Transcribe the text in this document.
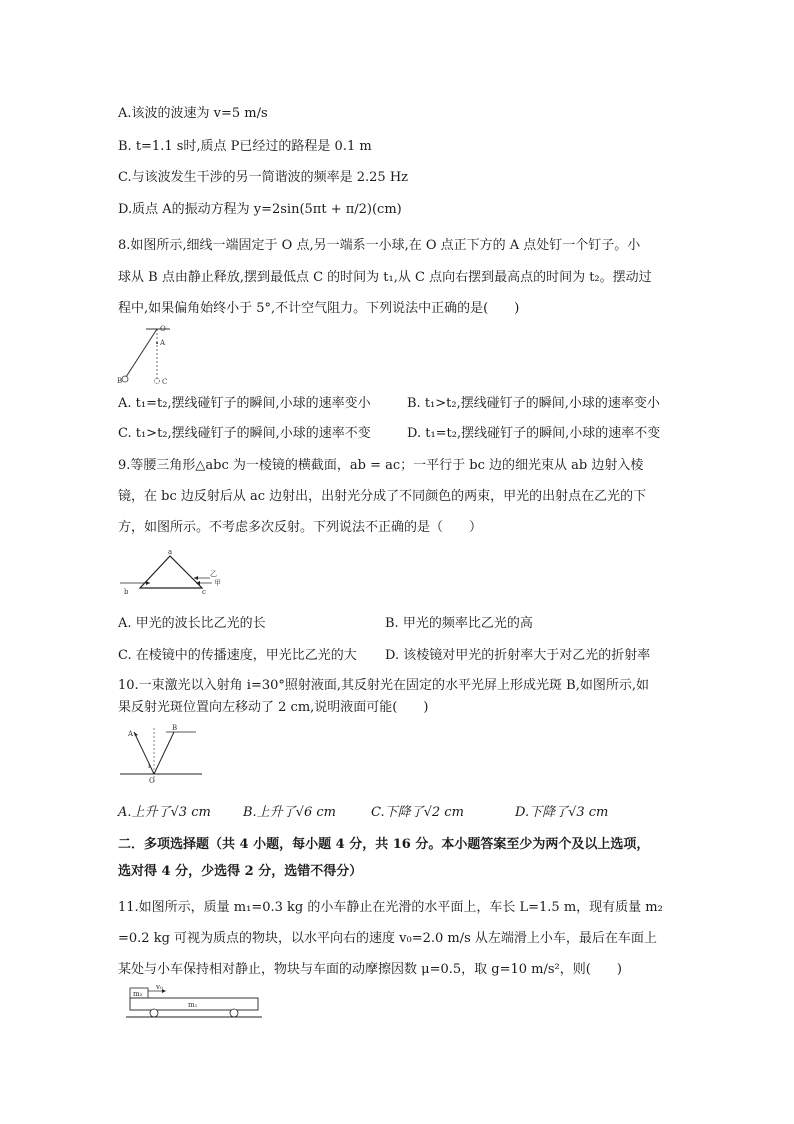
A.该波的波速为 v=5 m/s
B. t=1.1 s时,质点 P已经过的路程是 0.1 m
C.与该波发生干涉的另一简谐波的频率是 2.25 Hz
D.质点 A的振动方程为 y=2sin(5πt + π/2)(cm)
8.如图所示,细线一端固定于 O 点,另一端系一小球,在 O 点正下方的 A 点处钉一个钉子。小
球从 B 点由静止释放,摆到最低点 C 的时间为 t₁,从 C 点向右摆到最高点的时间为 t₂。摆动过
程中,如果偏角始终小于 5°,不计空气阻力。下列说法中正确的是(　　)
O
A
B	C
A. t₁=t₂,摆线碰钉子的瞬间,小球的速率变小	B. t₁>t₂,摆线碰钉子的瞬间,小球的速率变小
C. t₁>t₂,摆线碰钉子的瞬间,小球的速率不变	D. t₁=t₂,摆线碰钉子的瞬间,小球的速率不变
9.等腰三角形△abc 为一棱镜的横截面，ab = ac；一平行于 bc 边的细光束从 ab 边射入棱
镜，在 bc 边反射后从 ac 边射出，出射光分成了不同颜色的两束，甲光的出射点在乙光的下
方，如图所示。不考虑多次反射。下列说法不正确的是（　　）
a
b	c
乙
甲
A. 甲光的波长比乙光的长	B. 甲光的频率比乙光的高
C. 在棱镜中的传播速度，甲光比乙光的大 D. 该棱镜对甲光的折射率大于对乙光的折射率
10.一束激光以入射角 i=30°照射液面,其反射光在固定的水平光屏上形成光斑 B,如图所示,如
果反射光斑位置向左移动了 2 cm,说明液面可能(　　)
A
B
O
i
A.上升了√3 cm B.上升了√6 cm	C.下降了√2 cm	D.下降了√3 cm
二．多项选择题（共 4 小题，每小题 4 分，共 16 分。本小题答案至少为两个及以上选项，
选对得 4 分，少选得 2 分，选错不得分）
11.如图所示，质量 m₁=0.3 kg 的小车静止在光滑的水平面上，车长 L=1.5 m，现有质量 m₂
=0.2 kg 可视为质点的物块，以水平向右的速度 v₀=2.0 m/s 从左端滑上小车，最后在车面上
某处与小车保持相对静止，物块与车面的动摩擦因数 μ=0.5，取 g=10 m/s²，则(　　)
m₂
m₁
v₀
